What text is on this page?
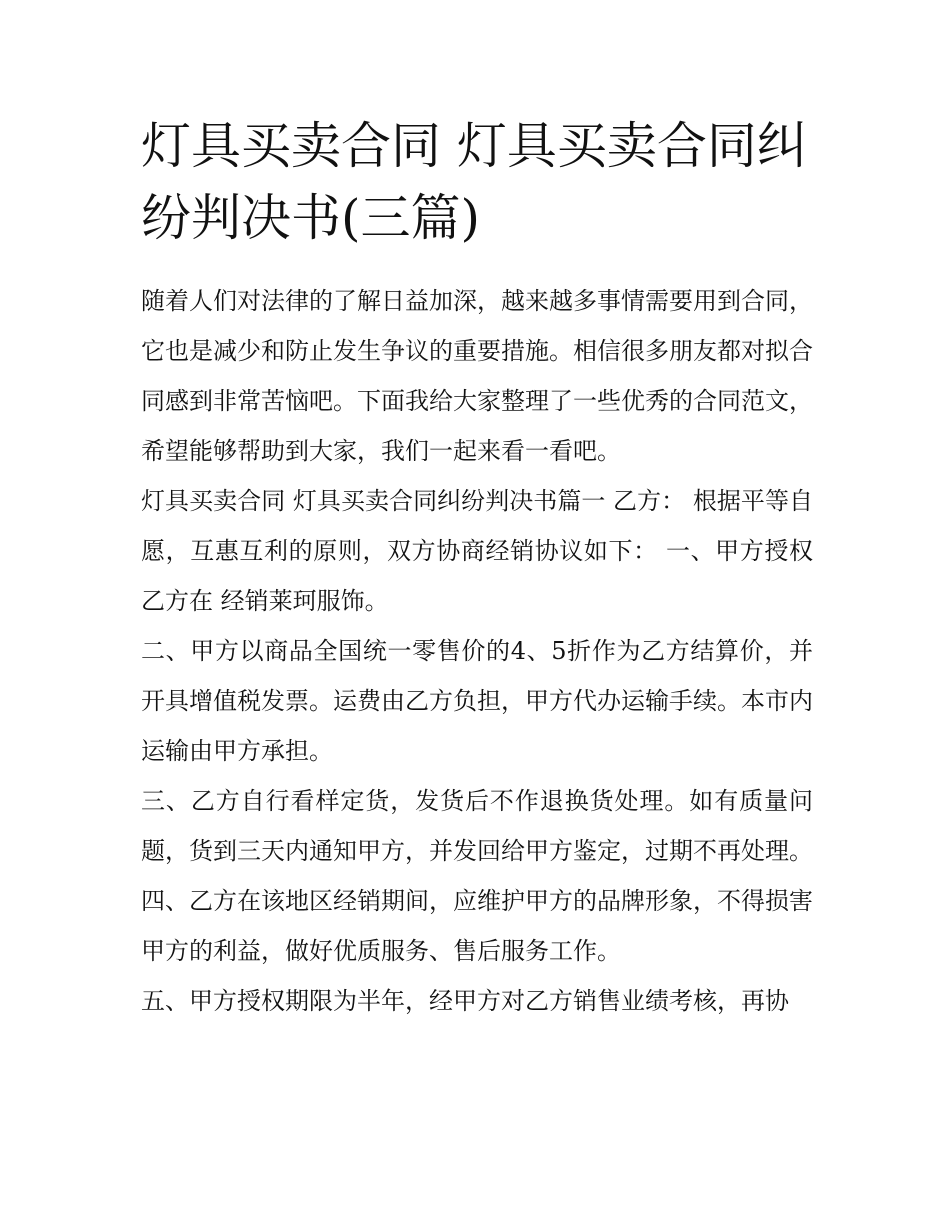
灯具买卖合同 灯具买卖合同纠纷判决书(三篇)

随着人们对法律的了解日益加深，越来越多事情需要用到合同，它也是减少和防止发生争议的重要措施。相信很多朋友都对拟合同感到非常苦恼吧。下面我给大家整理了一些优秀的合同范文，希望能够帮助到大家，我们一起来看一看吧。

灯具买卖合同 灯具买卖合同纠纷判决书篇一 乙方： 根据平等自愿，互惠互利的原则，双方协商经销协议如下： 一、甲方授权乙方在 经销莱珂服饰。

二、甲方以商品全国统一零售价的4、5折作为乙方结算价，并开具增值税发票。运费由乙方负担，甲方代办运输手续。本市内运输由甲方承担。

三、乙方自行看样定货，发货后不作退换货处理。如有质量问题，货到三天内通知甲方，并发回给甲方鉴定，过期不再处理。

四、乙方在该地区经销期间，应维护甲方的品牌形象，不得损害甲方的利益，做好优质服务、售后服务工作。

五、甲方授权期限为半年，经甲方对乙方销售业绩考核，再协
